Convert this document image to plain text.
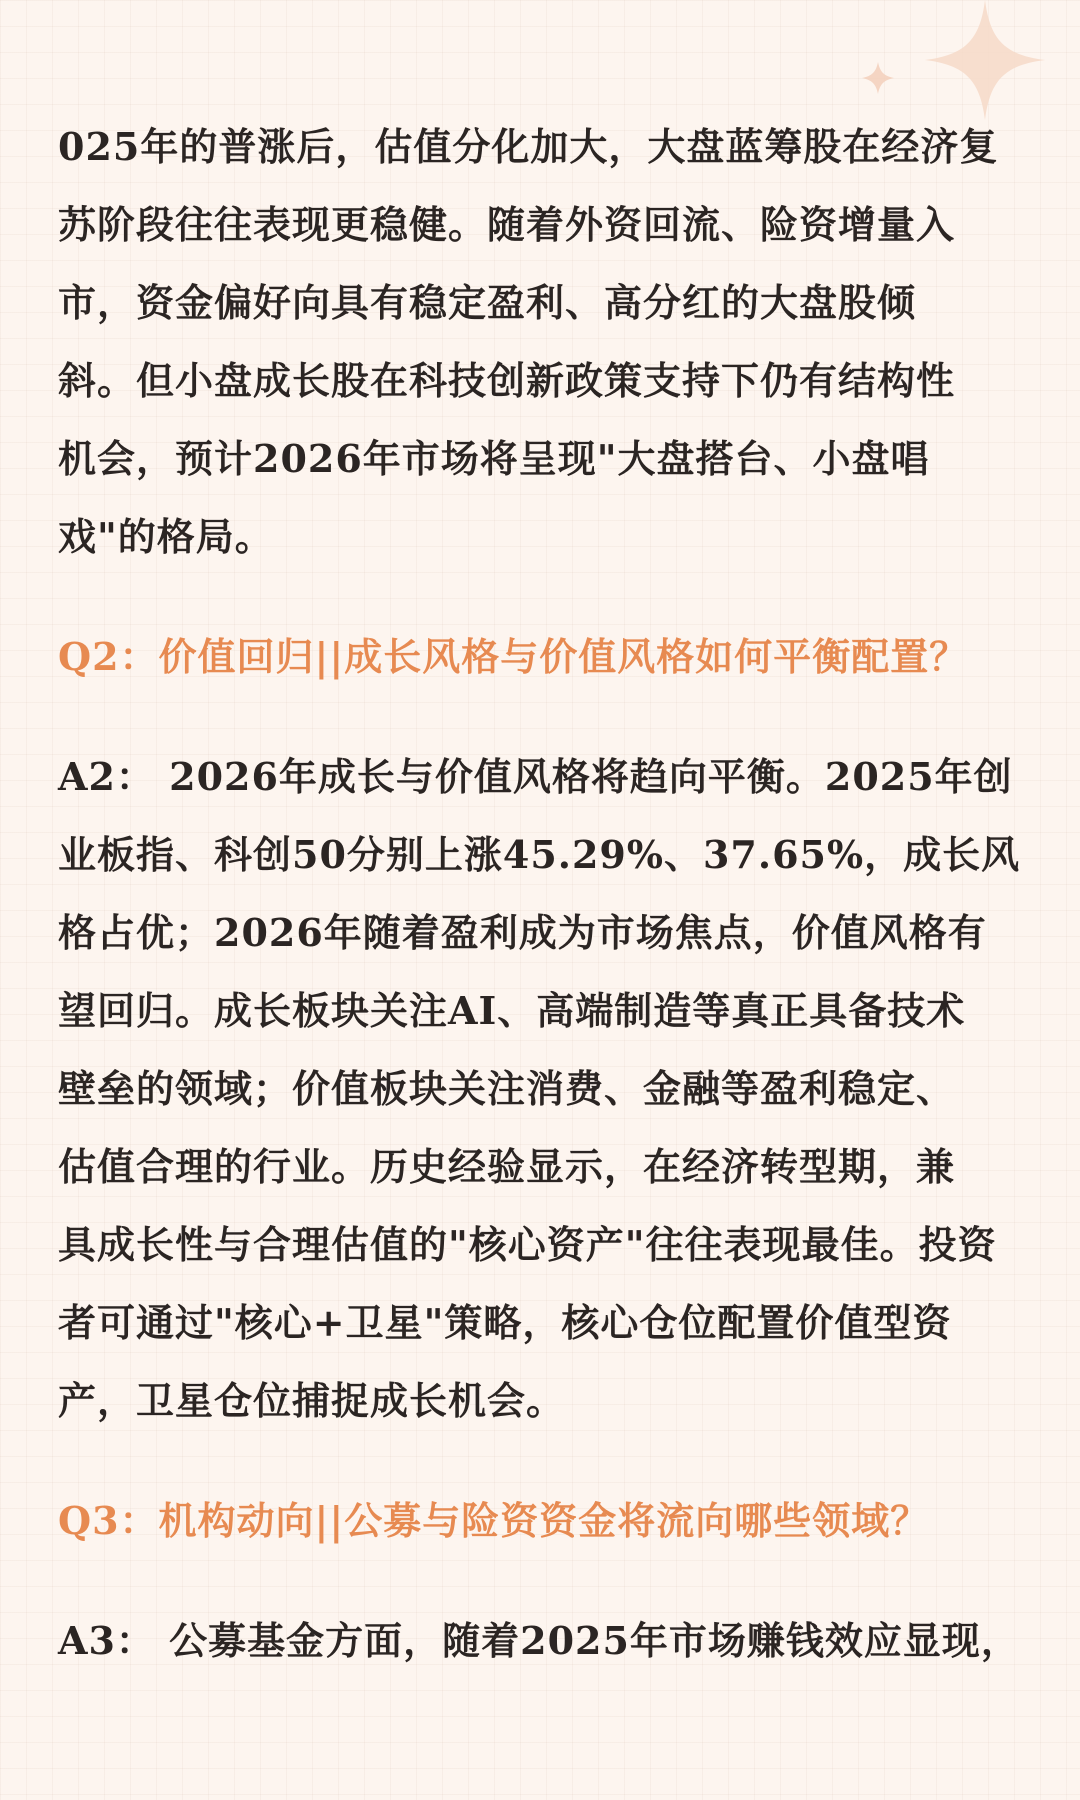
025年的普涨后，估值分化加大，大盘蓝筹股在经济复

苏阶段往往表现更稳健。随着外资回流、险资增量入

市，资金偏好向具有稳定盈利、高分红的大盘股倾

斜。但小盘成长股在科技创新政策支持下仍有结构性

机会，预计2026年市场将呈现"大盘搭台、小盘唱

戏"的格局。

Q2：价值回归||成长风格与价值风格如何平衡配置？

A2： 2026年成长与价值风格将趋向平衡。2025年创

业板指、科创50分别上涨45.29%、37.65%，成长风

格占优；2026年随着盈利成为市场焦点，价值风格有

望回归。成长板块关注AI、高端制造等真正具备技术

壁垒的领域；价值板块关注消费、金融等盈利稳定、

估值合理的行业。历史经验显示，在经济转型期，兼

具成长性与合理估值的"核心资产"往往表现最佳。投资

者可通过"核心+卫星"策略，核心仓位配置价值型资

产，卫星仓位捕捉成长机会。

Q3：机构动向||公募与险资资金将流向哪些领域？

A3： 公募基金方面，随着2025年市场赚钱效应显现，
